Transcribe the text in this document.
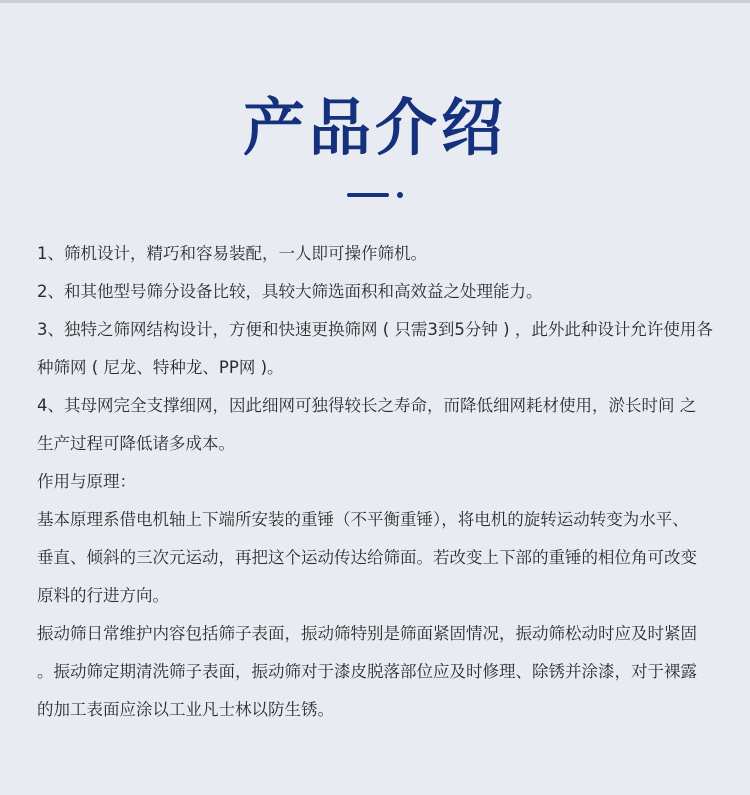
产品介绍

1、筛机设计，精巧和容易装配，一人即可操作筛机。

2、和其他型号筛分设备比较，具较大筛选面积和高效益之处理能力。

3、独特之筛网结构设计，方便和快速更换筛网 ( 只需3到5分钟 ) ，此外此种设计允许使用各

种筛网 ( 尼龙、特种龙、PP网 )。

4、其母网完全支撑细网，因此细网可独得较长之寿命，而降低细网耗材使用，淤长时间 之

生产过程可降低诸多成本。

作用与原理：

基本原理系借电机轴上下端所安装的重锤（不平衡重锤），将电机的旋转运动转变为水平、

垂直、倾斜的三次元运动，再把这个运动传达给筛面。若改变上下部的重锤的相位角可改变

原料的行进方向。

振动筛日常维护内容包括筛子表面，振动筛特别是筛面紧固情况，振动筛松动时应及时紧固

。振动筛定期清洗筛子表面，振动筛对于漆皮脱落部位应及时修理、除锈并涂漆，对于裸露

的加工表面应涂以工业凡士林以防生锈。
